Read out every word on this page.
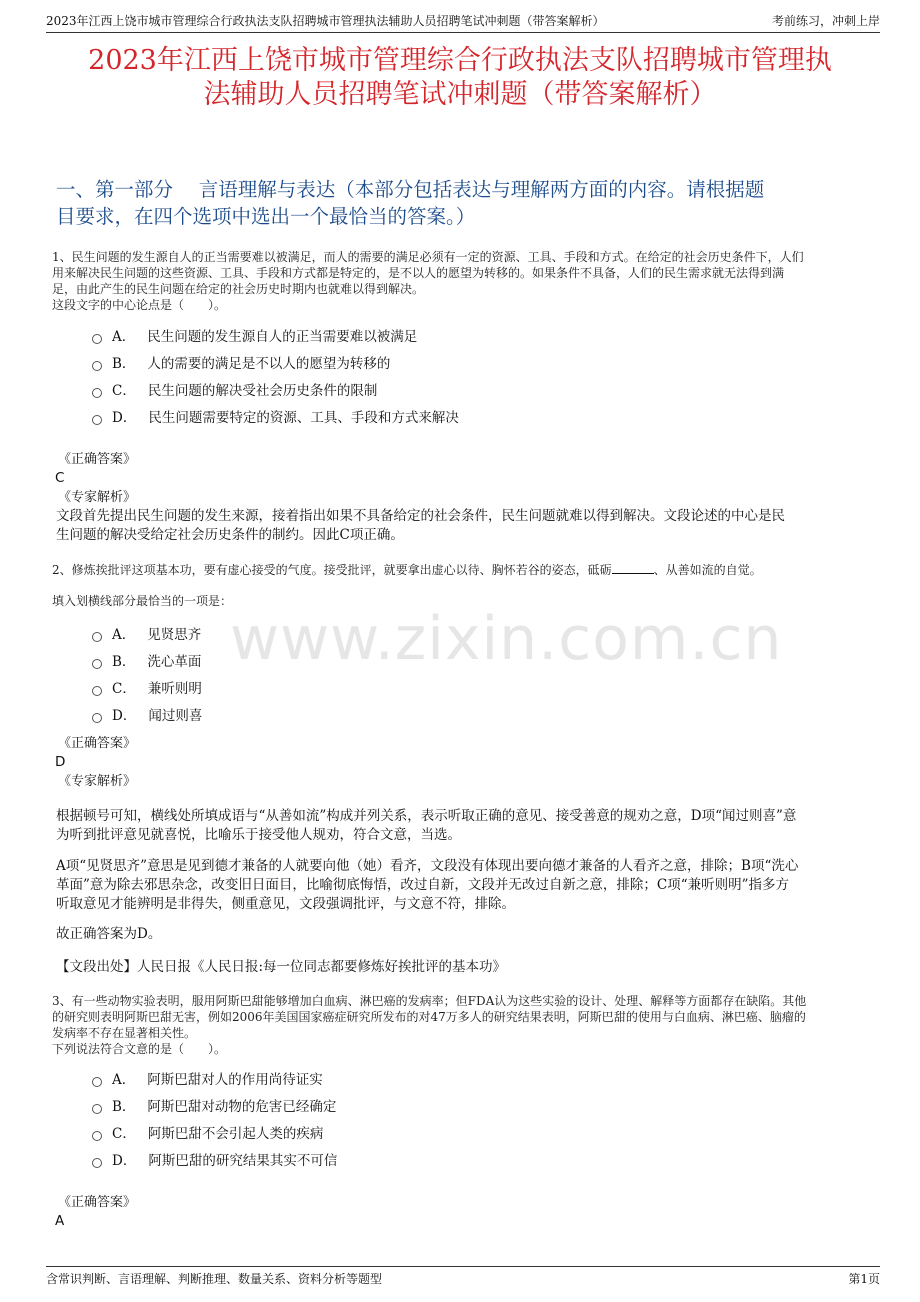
2023年江西上饶市城市管理综合行政执法支队招聘城市管理执法辅助人员招聘笔试冲刺题（带答案解析）	考前练习，冲刺上岸
2023年江西上饶市城市管理综合行政执法支队招聘城市管理执
法辅助人员招聘笔试冲刺题（带答案解析）
一、第一部分　 言语理解与表达（本部分包括表达与理解两方面的内容。请根据题
目要求，在四个选项中选出一个最恰当的答案。）
www.zixin.com.cn
1、民生问题的发生源自人的正当需要难以被满足，而人的需要的满足必须有一定的资源、工具、手段和方式。在给定的社会历史条件下，人们
用来解决民生问题的这些资源、工具、手段和方式都是特定的，是不以人的愿望为转移的。如果条件不具备，人们的民生需求就无法得到满
足，由此产生的民生问题在给定的社会历史时期内也就难以得到解决。
这段文字的中心论点是（　　）。
A． 民生问题的发生源自人的正当需要难以被满足
B． 人的需要的满足是不以人的愿望为转移的
C． 民生问题的解决受社会历史条件的限制
D． 民生问题需要特定的资源、工具、手段和方式来解决
《正确答案》
C
《专家解析》
文段首先提出民生问题的发生来源，接着指出如果不具备给定的社会条件，民生问题就难以得到解决。文段论述的中心是民
生问题的解决受给定社会历史条件的制约。因此C项正确。
2、修炼挨批评这项基本功，要有虚心接受的气度。接受批评，就要拿出虚心以待、胸怀若谷的姿态，砥砺	、从善如流的自觉。
填入划横线部分最恰当的一项是：
A． 见贤思齐
B． 洗心革面
C． 兼听则明
D． 闻过则喜
《正确答案》
D
《专家解析》
根据顿号可知，横线处所填成语与“从善如流”构成并列关系，表示听取正确的意见、接受善意的规劝之意，D项“闻过则喜”意
为听到批评意见就喜悦，比喻乐于接受他人规劝，符合文意，当选。
A项“见贤思齐”意思是见到德才兼备的人就要向他（她）看齐，文段没有体现出要向德才兼备的人看齐之意，排除；B项“洗心
革面”意为除去邪思杂念，改变旧日面目，比喻彻底悔悟，改过自新，文段并无改过自新之意，排除；C项“兼听则明”指多方
听取意见才能辨明是非得失，侧重意见，文段强调批评，与文意不符，排除。
故正确答案为D。
【文段出处】人民日报《人民日报:每一位同志都要修炼好挨批评的基本功》
3、有一些动物实验表明，服用阿斯巴甜能够增加白血病、淋巴癌的发病率；但FDA认为这些实验的设计、处理、解释等方面都存在缺陷。其他
的研究则表明阿斯巴甜无害，例如2006年美国国家癌症研究所发布的对47万多人的研究结果表明，阿斯巴甜的使用与白血病、淋巴癌、脑瘤的
发病率不存在显著相关性。
下列说法符合文意的是（　　）。
A． 阿斯巴甜对人的作用尚待证实
B． 阿斯巴甜对动物的危害已经确定
C． 阿斯巴甜不会引起人类的疾病
D． 阿斯巴甜的研究结果其实不可信
《正确答案》
A
含常识判断、言语理解、判断推理、数量关系、资料分析等题型	第1页
